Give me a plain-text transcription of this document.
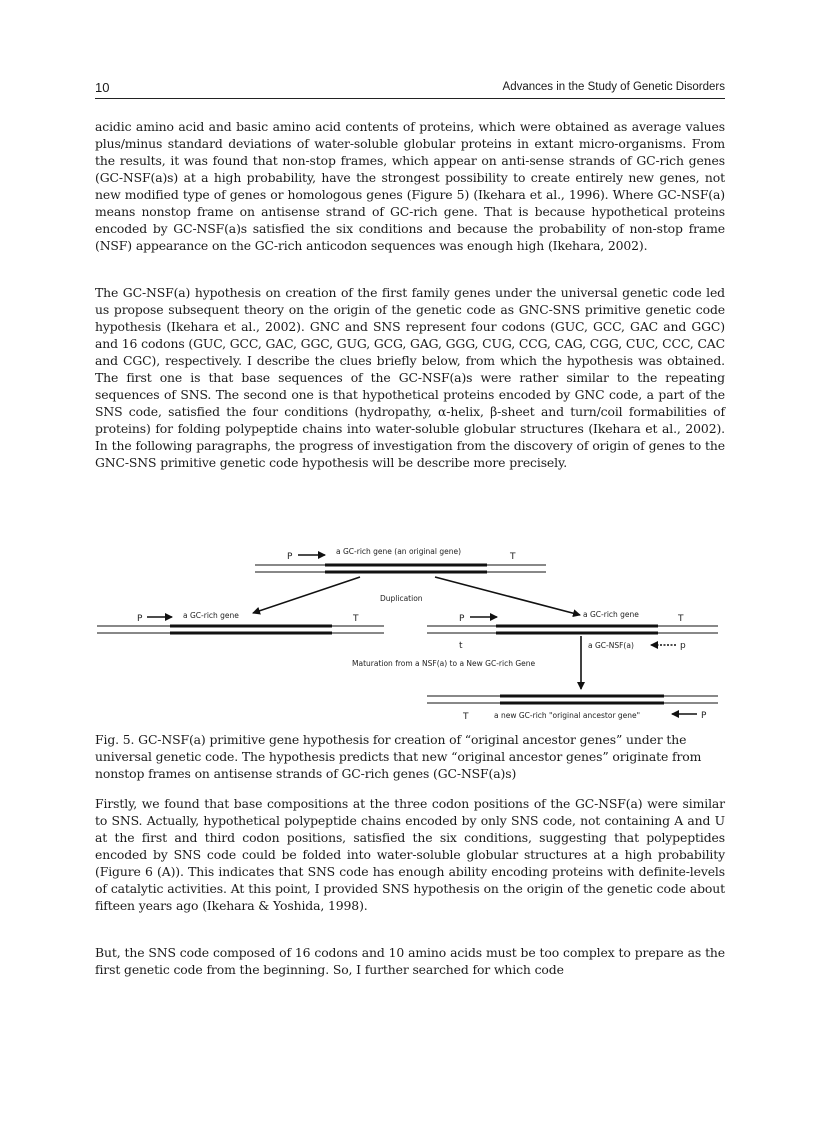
10	Advances in the Study of Genetic Disorders

acidic amino acid and basic amino acid contents of proteins, which were obtained as average values plus/minus standard deviations of water-soluble globular proteins in extant micro-organisms. From the results, it was found that non-stop frames, which appear on anti-sense strands of GC-rich genes (GC-NSF(a)s) at a high probability, have the strongest possibility to create entirely new genes, not new modified type of genes or homologous genes (Figure 5) (Ikehara et al., 1996). Where GC-NSF(a) means nonstop frame on antisense strand of GC-rich gene. That is because hypothetical proteins encoded by GC-NSF(a)s satisfied the six conditions and because the probability of non-stop frame (NSF) appearance on the GC-rich anticodon sequences was enough high (Ikehara, 2002).

The GC-NSF(a) hypothesis on creation of the first family genes under the universal genetic code led us propose subsequent theory on the origin of the genetic code as GNC-SNS primitive genetic code hypothesis (Ikehara et al., 2002). GNC and SNS represent four codons (GUC, GCC, GAC and GGC) and 16 codons (GUC, GCC, GAC, GGC, GUG, GCG, GAG, GGG, CUG, CCG, CAG, CGG, CUC, CCC, CAC and CGC), respectively. I describe the clues briefly below, from which the hypothesis was obtained. The first one is that base sequences of the GC-NSF(a)s were rather similar to the repeating sequences of SNS. The second one is that hypothetical proteins encoded by GNC code, a part of the SNS code, satisfied the four conditions (hydropathy, α-helix, β-sheet and turn/coil formabilities of proteins) for folding polypeptide chains into water-soluble globular structures (Ikehara et al., 2002). In the following paragraphs, the progress of investigation from the discovery of origin of genes to the GNC-SNS primitive genetic code hypothesis will be describe more precisely.

P
a GC-rich gene (an original gene)
T
Duplication
P	a GC-rich gene	T	P	a GC-rich gene	T
t	a GC-NSF(a)	p
Maturation from a NSF(a) to a New GC-rich Gene
T	a new GC-rich "original ancestor gene"	P

Fig. 5. GC-NSF(a) primitive gene hypothesis for creation of “original ancestor genes” under the universal genetic code. The hypothesis predicts that new “original ancestor genes” originate from nonstop frames on antisense strands of GC-rich genes (GC-NSF(a)s)

Firstly, we found that base compositions at the three codon positions of the GC-NSF(a) were similar to SNS. Actually, hypothetical polypeptide chains encoded by only SNS code, not containing A and U at the first and third codon positions, satisfied the six conditions, suggesting that polypeptides encoded by SNS code could be folded into water-soluble globular structures at a high probability (Figure 6 (A)). This indicates that SNS code has enough ability encoding proteins with definite-levels of catalytic activities. At this point, I provided SNS hypothesis on the origin of the genetic code about fifteen years ago (Ikehara & Yoshida, 1998).

But, the SNS code composed of 16 codons and 10 amino acids must be too complex to prepare as the first genetic code from the beginning. So, I further searched for which code
